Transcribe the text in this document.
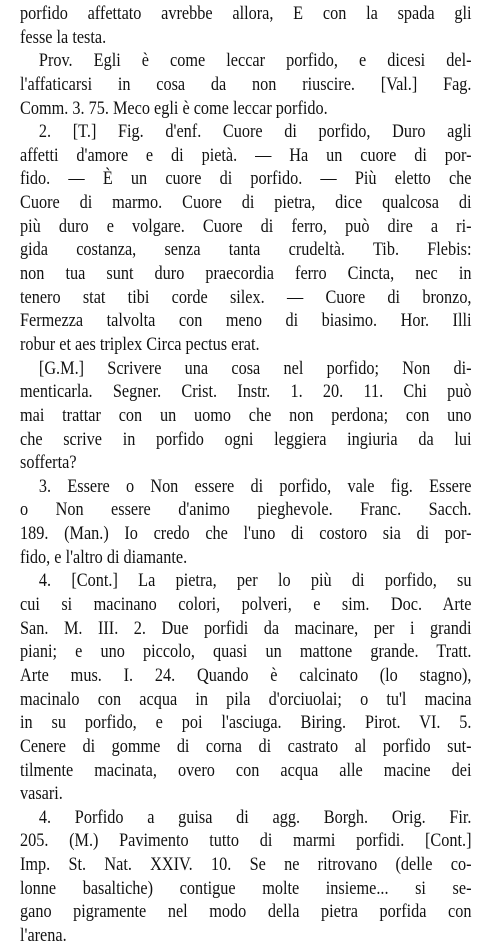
porfido affettato avrebbe allora, E con la spada gli
fesse la testa.
Prov. Egli è come leccar porfido, e dicesi del-
l'affaticarsi in cosa da non riuscire. [Val.] Fag.
Comm. 3. 75. Meco egli è come leccar porfido.
2. [T.] Fig. d'enf. Cuore di porfido, Duro agli
affetti d'amore e di pietà. — Ha un cuore di por-
fido. — È un cuore di porfido. — Più eletto che
Cuore di marmo. Cuore di pietra, dice qualcosa di
più duro e volgare. Cuore di ferro, può dire a ri-
gida costanza, senza tanta crudeltà. Tib. Flebis:
non tua sunt duro praecordia ferro Cincta, nec in
tenero stat tibi corde silex. — Cuore di bronzo,
Fermezza talvolta con meno di biasimo. Hor. Illi
robur et aes triplex Circa pectus erat.
[G.M.] Scrivere una cosa nel porfido; Non di-
menticarla. Segner. Crist. Instr. 1. 20. 11. Chi può
mai trattar con un uomo che non perdona; con uno
che scrive in porfido ogni leggiera ingiuria da lui
sofferta?
3. Essere o Non essere di porfido, vale fig. Essere
o Non essere d'animo pieghevole. Franc. Sacch.
189. (Man.) Io credo che l'uno di costoro sia di por-
fido, e l'altro di diamante.
4. [Cont.] La pietra, per lo più di porfido, su
cui si macinano colori, polveri, e sim. Doc. Arte
San. M. III. 2. Due porfidi da macinare, per i grandi
piani; e uno piccolo, quasi un mattone grande. Tratt.
Arte mus. I. 24. Quando è calcinato (lo stagno),
macinalo con acqua in pila d'orciuolai; o tu'l macina
in su porfido, e poi l'asciuga. Biring. Pirot. VI. 5.
Cenere di gomme di corna di castrato al porfido sut-
tilmente macinata, overo con acqua alle macine dei
vasari.
4. Porfido a guisa di agg. Borgh. Orig. Fir.
205. (M.) Pavimento tutto di marmi porfidi. [Cont.]
Imp. St. Nat. XXIV. 10. Se ne ritrovano (delle co-
lonne basaltiche) contigue molte insieme... si se-
gano pigramente nel modo della pietra porfida con
l'arena.
